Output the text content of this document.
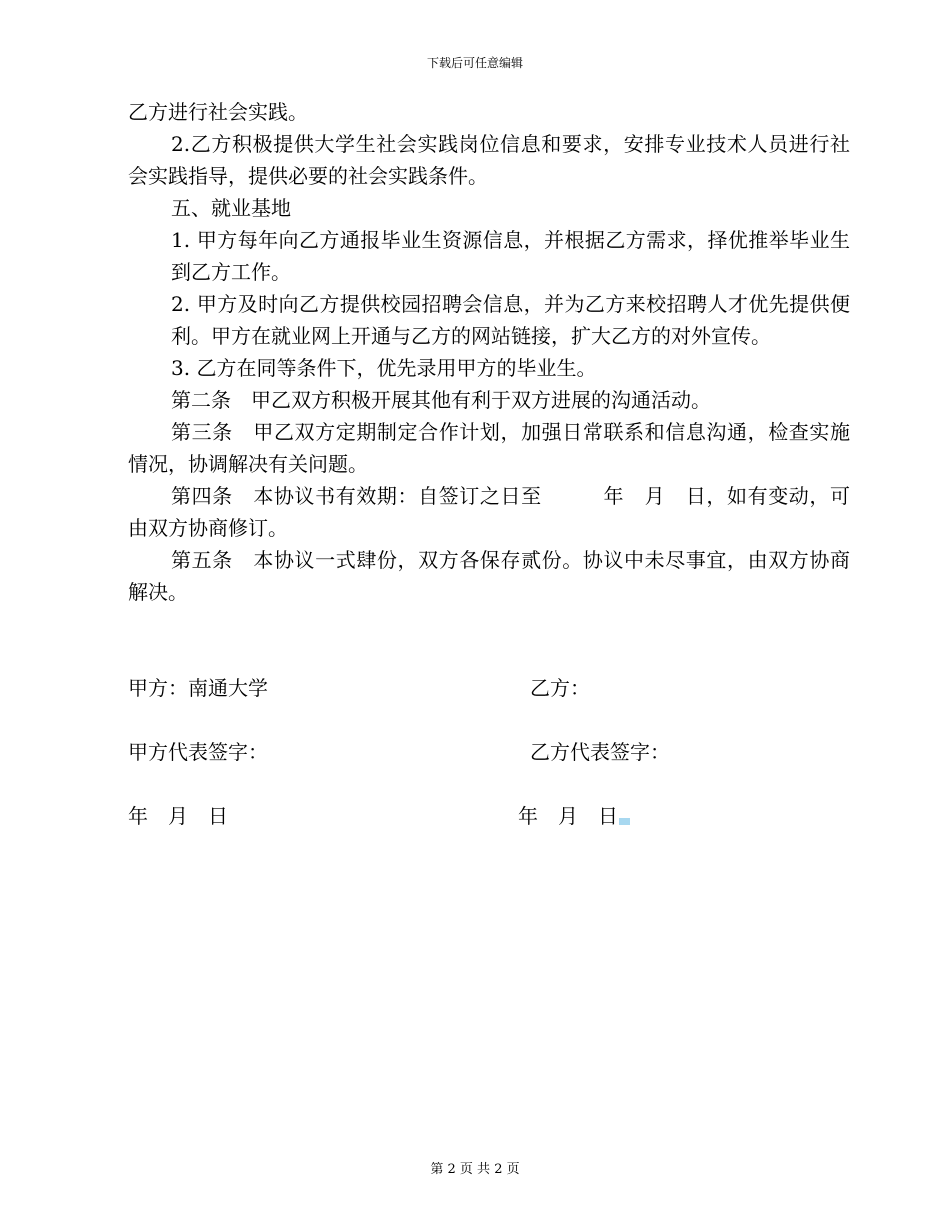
下载后可任意编辑

乙方进行社会实践。

2.乙方积极提供大学生社会实践岗位信息和要求，安排专业技术人员进行社会实践指导，提供必要的社会实践条件。

五、就业基地

1. 甲方每年向乙方通报毕业生资源信息，并根据乙方需求，择优推举毕业生到乙方工作。

2. 甲方及时向乙方提供校园招聘会信息，并为乙方来校招聘人才优先提供便利。甲方在就业网上开通与乙方的网站链接，扩大乙方的对外宣传。

3. 乙方在同等条件下，优先录用甲方的毕业生。

第二条　甲乙双方积极开展其他有利于双方进展的沟通活动。

第三条　甲乙双方定期制定合作计划，加强日常联系和信息沟通，检查实施情况，协调解决有关问题。

第四条　本协议书有效期：自签订之日至　　　年　月　日，如有变动，可由双方协商修订。

第五条　本协议一式肆份，双方各保存贰份。协议中未尽事宜，由双方协商解决。

甲方：南通大学	乙方：
甲方代表签字：	乙方代表签字：
年　月　日	年　月　日
第 2 页 共 2 页
